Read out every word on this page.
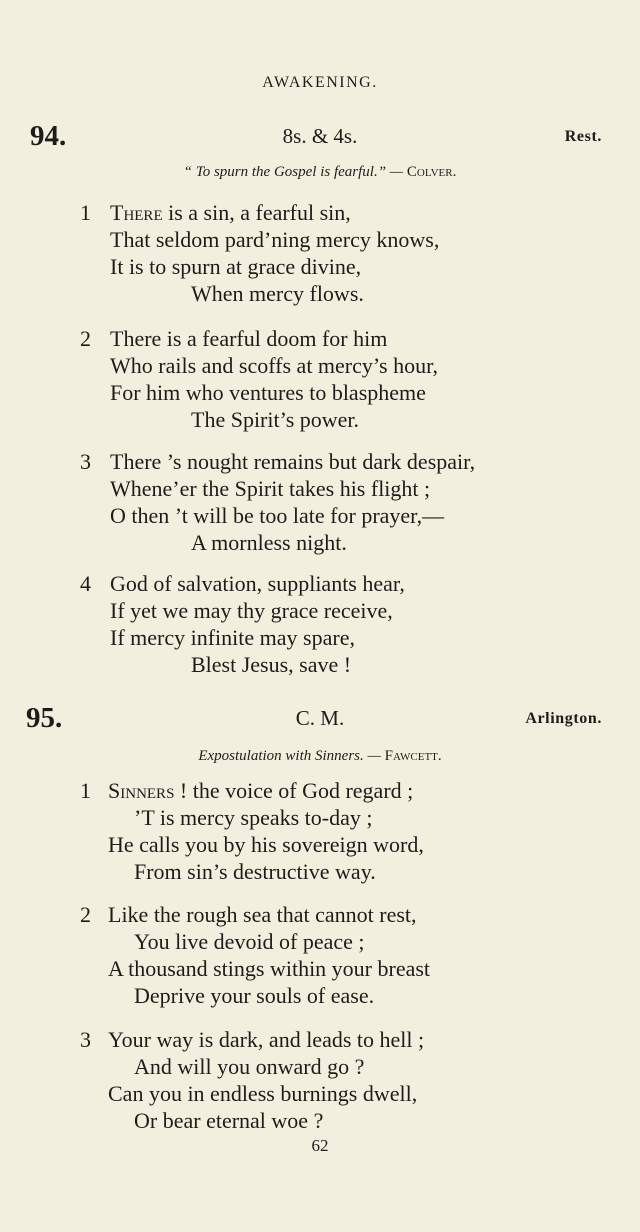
AWAKENING.
94.	8s. & 4s.	Rest.
“ To spurn the Gospel is fearful.” — Colver.
1 There is a sin, a fearful sin,
That seldom pard’ning mercy knows,
It is to spurn at grace divine,
When mercy flows.
2 There is a fearful doom for him
Who rails and scoffs at mercy’s hour,
For him who ventures to blaspheme
The Spirit’s power.
3 There ’s nought remains but dark despair,
Whene’er the Spirit takes his flight ;
O then ’t will be too late for prayer,—
A mornless night.
4 God of salvation, suppliants hear,
If yet we may thy grace receive,
If mercy infinite may spare,
Blest Jesus, save !
95.	C. M.	Arlington.
Expostulation with Sinners. — Fawcett.
1 Sinners ! the voice of God regard ;
’T is mercy speaks to-day ;
He calls you by his sovereign word,
From sin’s destructive way.
2 Like the rough sea that cannot rest,
You live devoid of peace ;
A thousand stings within your breast
Deprive your souls of ease.
3 Your way is dark, and leads to hell ;
And will you onward go ?
Can you in endless burnings dwell,
Or bear eternal woe ?
62
